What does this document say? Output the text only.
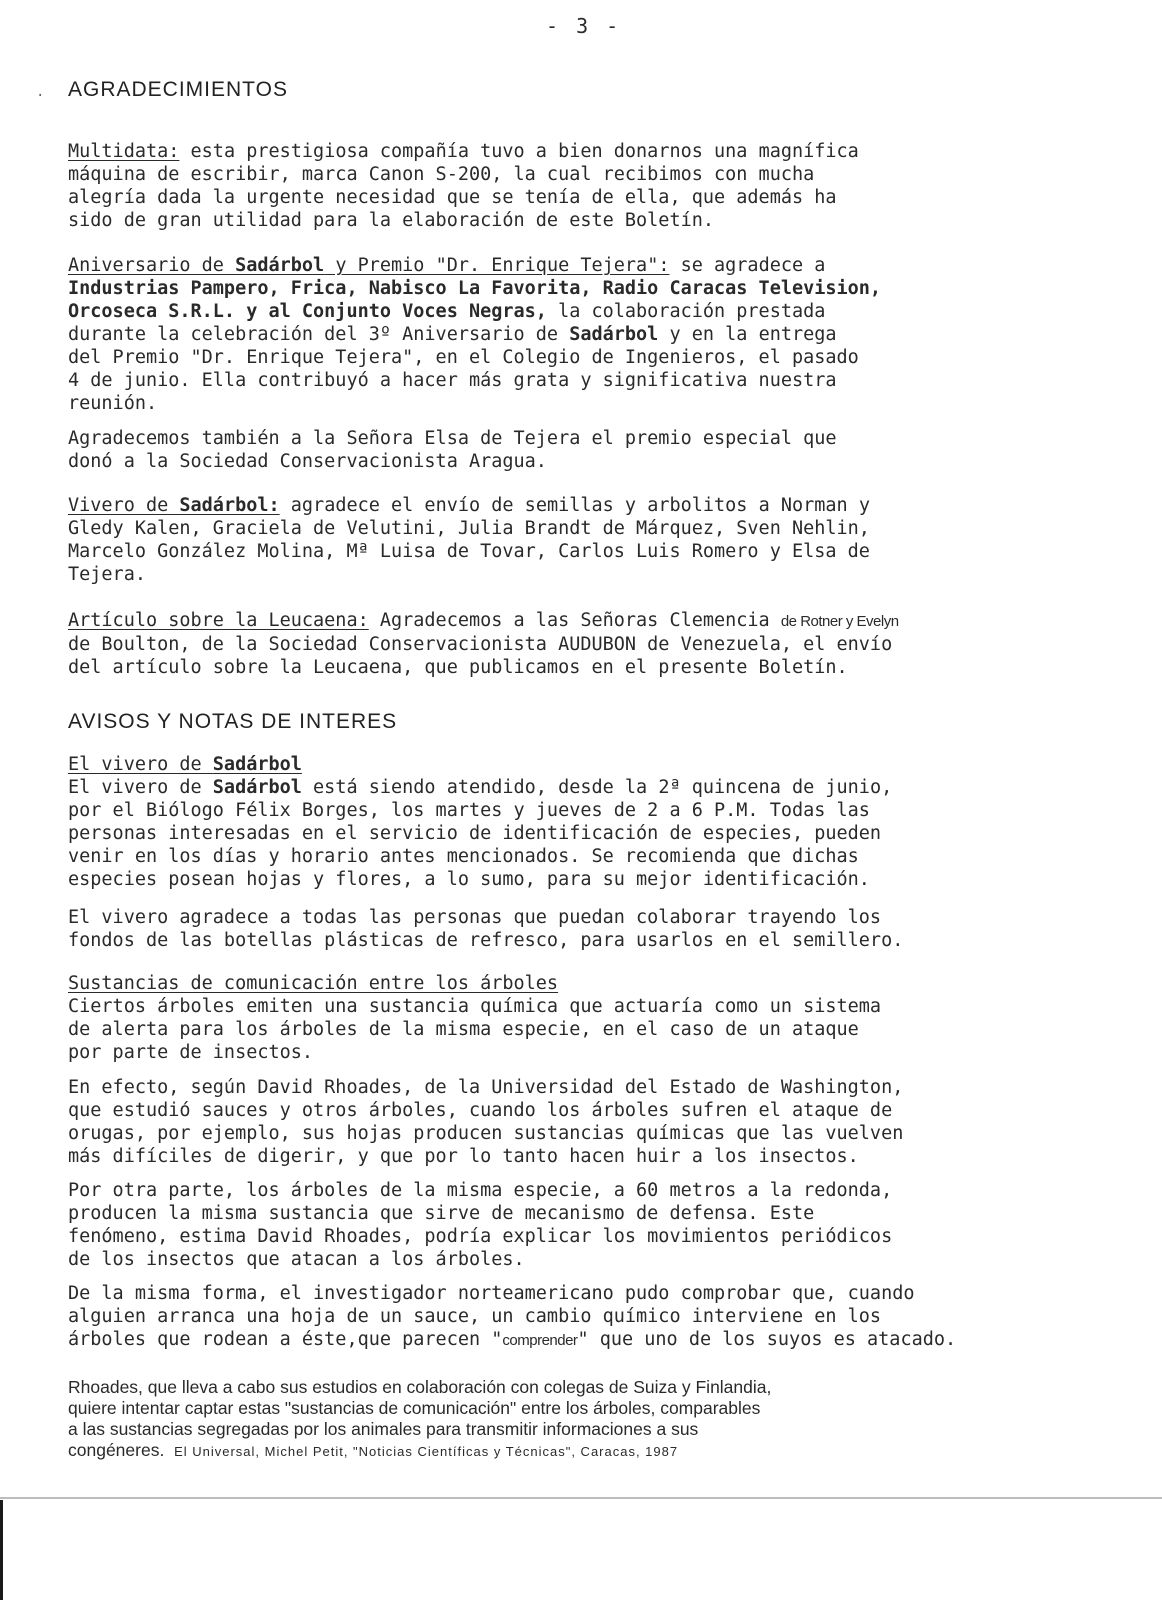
- 3 -
. AGRADECIMIENTOS
Multidata: esta prestigiosa compañía tuvo a bien donarnos una magnífica
máquina de escribir, marca Canon S-200, la cual recibimos con mucha
alegría dada la urgente necesidad que se tenía de ella, que además ha
sido de gran utilidad para la elaboración de este Boletín.
Aniversario de Sadárbol y Premio "Dr. Enrique Tejera": se agradece a
Industrias Pampero, Frica, Nabisco La Favorita, Radio Caracas Television,
Orcoseca S.R.L. y al Conjunto Voces Negras, la colaboración prestada
durante la celebración del 3º Aniversario de Sadárbol y en la entrega
del Premio "Dr. Enrique Tejera", en el Colegio de Ingenieros, el pasado
4 de junio. Ella contribuyó a hacer más grata y significativa nuestra
reunión.
Agradecemos también a la Señora Elsa de Tejera el premio especial que
donó a la Sociedad Conservacionista Aragua.
Vivero de Sadárbol: agradece el envío de semillas y arbolitos a Norman y
Gledy Kalen, Graciela de Velutini, Julia Brandt de Márquez, Sven Nehlin,
Marcelo González Molina, Mª Luisa de Tovar, Carlos Luis Romero y Elsa de
Tejera.
Artículo sobre la Leucaena: Agradecemos a las Señoras Clemencia de Rotner y Evelyn
de Boulton, de la Sociedad Conservacionista AUDUBON de Venezuela, el envío
del artículo sobre la Leucaena, que publicamos en el presente Boletín.
AVISOS Y NOTAS DE INTERES
El vivero de Sadárbol
El vivero de Sadárbol está siendo atendido, desde la 2ª quincena de junio,
por el Biólogo Félix Borges, los martes y jueves de 2 a 6 P.M. Todas las
personas interesadas en el servicio de identificación de especies, pueden
venir en los días y horario antes mencionados. Se recomienda que dichas
especies posean hojas y flores, a lo sumo, para su mejor identificación.
El vivero agradece a todas las personas que puedan colaborar trayendo los
fondos de las botellas plásticas de refresco, para usarlos en el semillero.
Sustancias de comunicación entre los árboles
Ciertos árboles emiten una sustancia química que actuaría como un sistema
de alerta para los árboles de la misma especie, en el caso de un ataque
por parte de insectos.
En efecto, según David Rhoades, de la Universidad del Estado de Washington,
que estudió sauces y otros árboles, cuando los árboles sufren el ataque de
orugas, por ejemplo, sus hojas producen sustancias químicas que las vuelven
más difíciles de digerir, y que por lo tanto hacen huir a los insectos.
Por otra parte, los árboles de la misma especie, a 60 metros a la redonda,
producen la misma sustancia que sirve de mecanismo de defensa. Este
fenómeno, estima David Rhoades, podría explicar los movimientos periódicos
de los insectos que atacan a los árboles.
De la misma forma, el investigador norteamericano pudo comprobar que, cuando
alguien arranca una hoja de un sauce, un cambio químico interviene en los
árboles que rodean a éste,que parecen "comprender" que uno de los suyos es atacado.
Rhoades, que lleva a cabo sus estudios en colaboración con colegas de Suiza y Finlandia,
quiere intentar captar estas "sustancias de comunicación" entre los árboles, comparables
a las sustancias segregadas por los animales para transmitir informaciones a sus
congéneres. El Universal, Michel Petit, "Noticias Científicas y Técnicas", Caracas, 1987
